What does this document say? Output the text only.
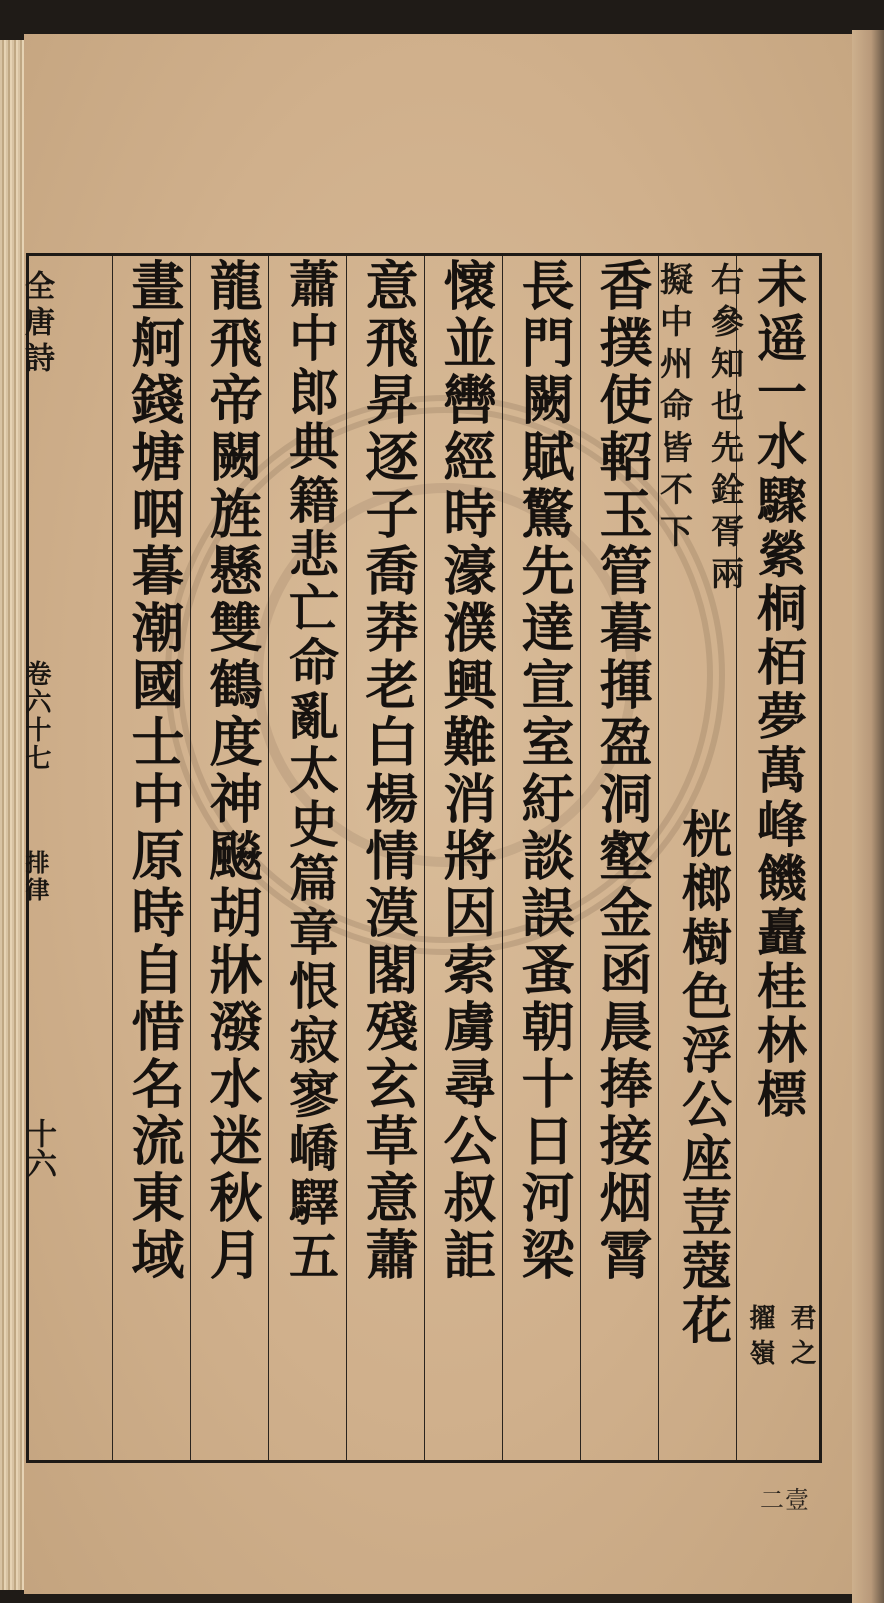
全唐詩
卷六十七
排律
十六
未遥一水驟縈桐栢夢萬峰饑矗桂林標
君之
擢嶺
右參知也先銓胥兩
擬中州命皆不下
桄榔樹色浮公座荳蔻花
香撲使軺玉管暮揮盈洞壑金函晨捧接烟霄
長門闕賦驚先達宣室紆談誤蚤朝十日河梁
懷並轡經時濠濮興難消將因索虜尋公叔詎
意飛昇逐子喬莽老白楊情漠閣殘玄草意蕭
蕭中郎典籍悲亡命亂太史篇章恨寂寥嶠驛五
龍飛帝闕旌懸雙鶴度神飈胡牀潑水迷秋月
畫舸錢塘咽暮潮國士中原時自惜名流東域
二壹
